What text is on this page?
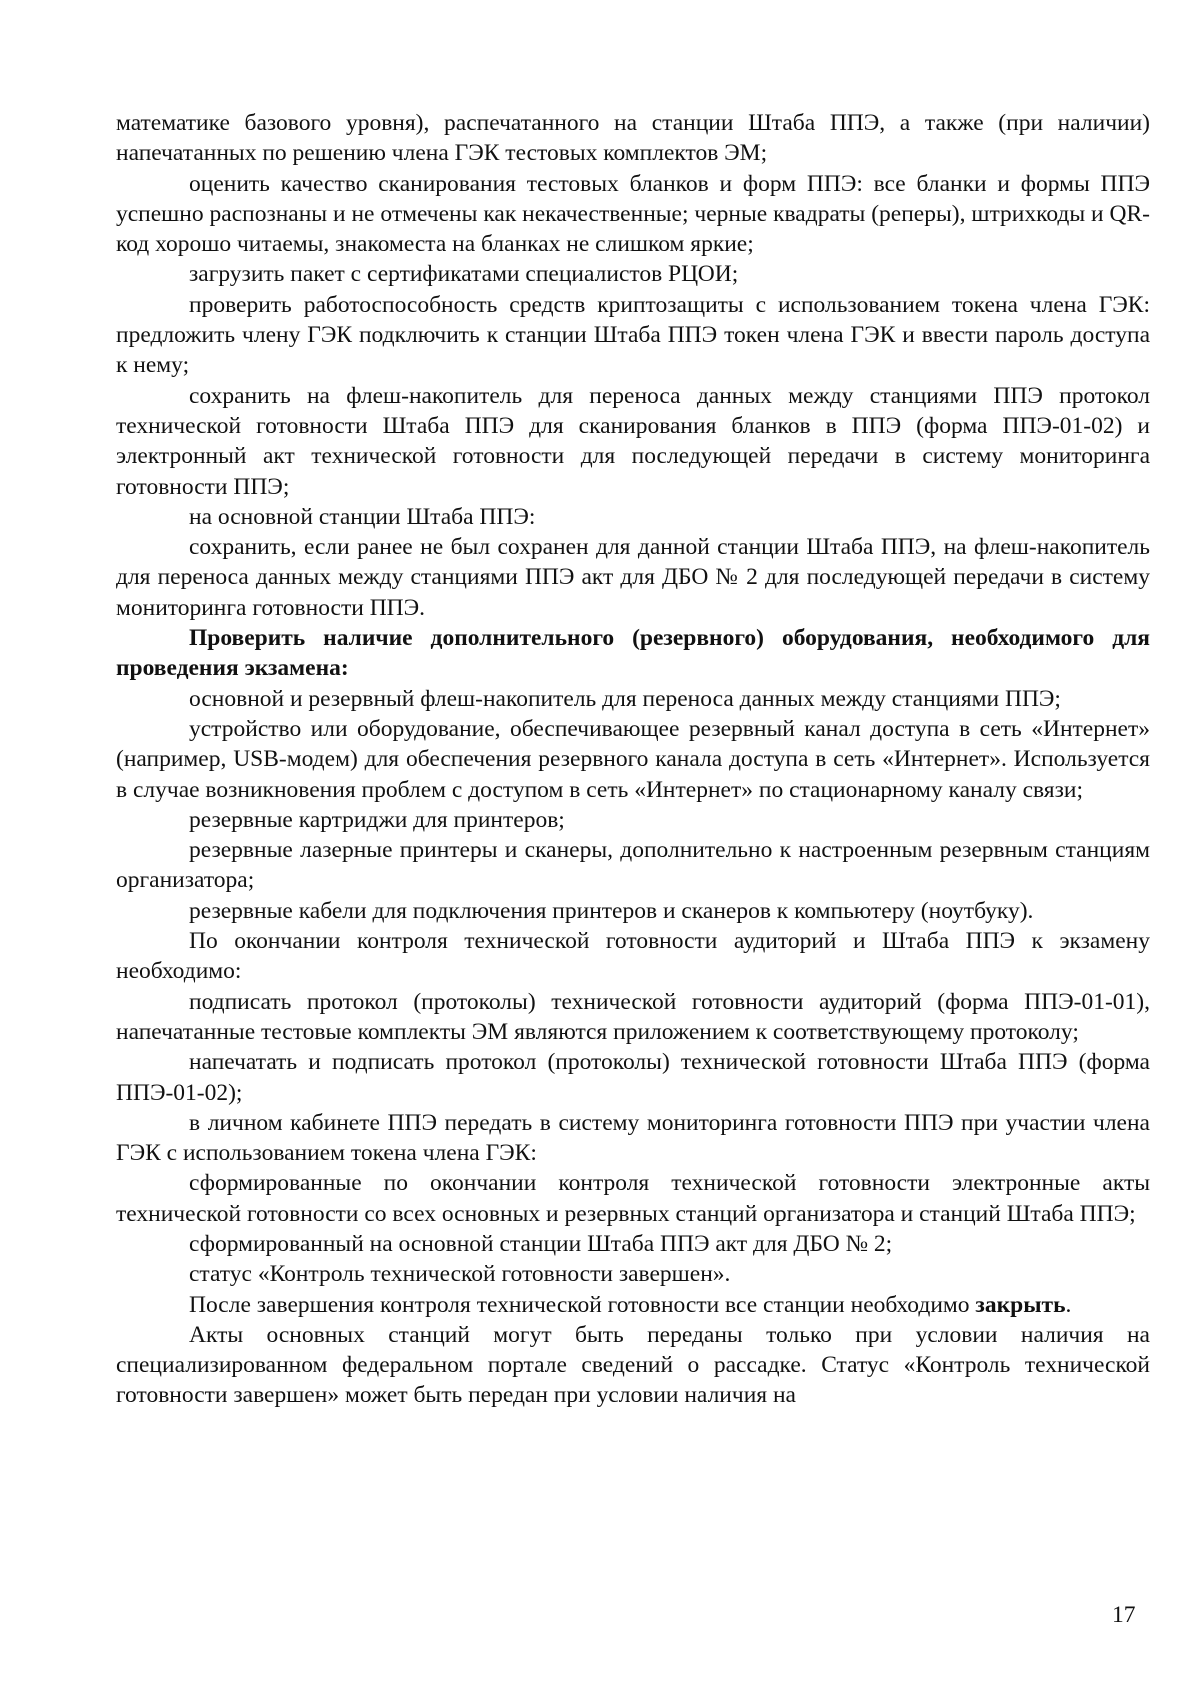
математике базового уровня), распечатанного на станции Штаба ППЭ, а также (при наличии) напечатанных по решению члена ГЭК тестовых комплектов ЭМ;

оценить качество сканирования тестовых бланков и форм ППЭ: все бланки и формы ППЭ успешно распознаны и не отмечены как некачественные; черные квадраты (реперы), штрихкоды и QR-код хорошо читаемы, знакоместа на бланках не слишком яркие;

загрузить пакет с сертификатами специалистов РЦОИ;

проверить работоспособность средств криптозащиты с использованием токена члена ГЭК: предложить члену ГЭК подключить к станции Штаба ППЭ токен члена ГЭК и ввести пароль доступа к нему;

сохранить на флеш-накопитель для переноса данных между станциями ППЭ протокол технической готовности Штаба ППЭ для сканирования бланков в ППЭ (форма ППЭ-01-02) и электронный акт технической готовности для последующей передачи в систему мониторинга готовности ППЭ;

на основной станции Штаба ППЭ:

сохранить, если ранее не был сохранен для данной станции Штаба ППЭ, на флеш-накопитель для переноса данных между станциями ППЭ акт для ДБО № 2 для последующей передачи в систему мониторинга готовности ППЭ.

Проверить наличие дополнительного (резервного) оборудования, необходимого для проведения экзамена:

основной и резервный флеш-накопитель для переноса данных между станциями ППЭ;

устройство или оборудование, обеспечивающее резервный канал доступа в сеть «Интернет» (например, USB-модем) для обеспечения резервного канала доступа в сеть «Интернет». Используется в случае возникновения проблем с доступом в сеть «Интернет» по стационарному каналу связи;

резервные картриджи для принтеров;

резервные лазерные принтеры и сканеры, дополнительно к настроенным резервным станциям организатора;

резервные кабели для подключения принтеров и сканеров к компьютеру (ноутбуку).

По окончании контроля технической готовности аудиторий и Штаба ППЭ к экзамену необходимо:

подписать протокол (протоколы) технической готовности аудиторий (форма ППЭ-01-01), напечатанные тестовые комплекты ЭМ являются приложением к соответствующему протоколу;

напечатать и подписать протокол (протоколы) технической готовности Штаба ППЭ (форма ППЭ-01-02);

в личном кабинете ППЭ передать в систему мониторинга готовности ППЭ при участии члена ГЭК с использованием токена члена ГЭК:

сформированные по окончании контроля технической готовности электронные акты технической готовности со всех основных и резервных станций организатора и станций Штаба ППЭ;

сформированный на основной станции Штаба ППЭ акт для ДБО № 2;

статус «Контроль технической готовности завершен».

После завершения контроля технической готовности все станции необходимо закрыть.

Акты основных станций могут быть переданы только при условии наличия на специализированном федеральном портале сведений о рассадке. Статус «Контроль технической готовности завершен» может быть передан при условии наличия на

17
